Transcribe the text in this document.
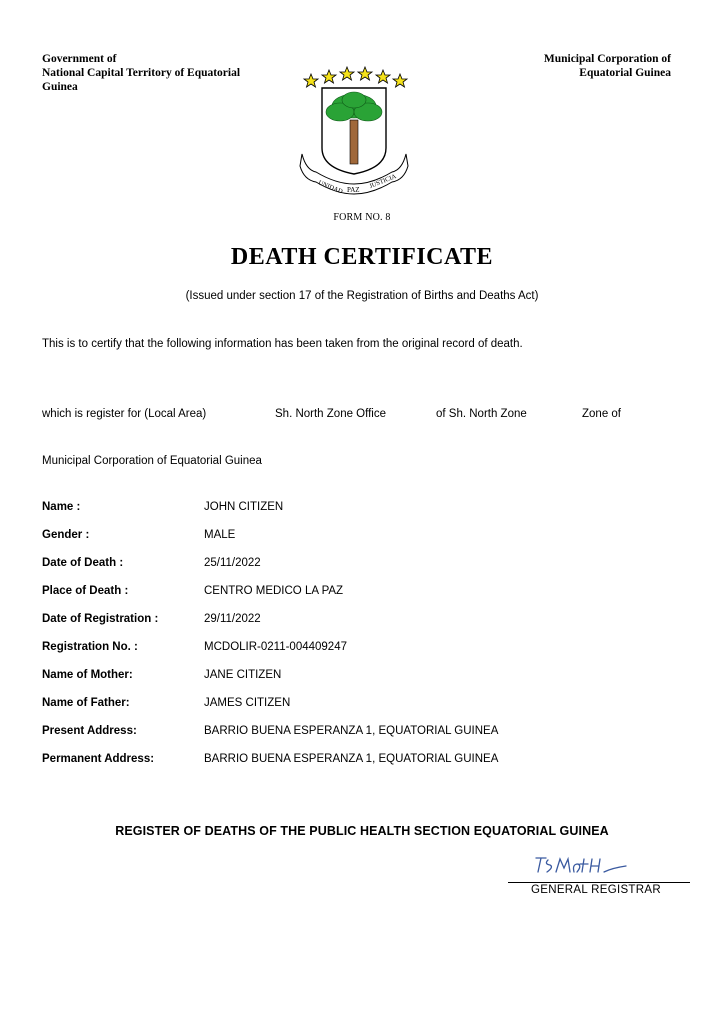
Government of
National Capital Territory of Equatorial
Guinea
Municipal Corporation of
Equatorial Guinea
UNIDAD PAZ JUSTICIA
FORM NO. 8
DEATH CERTIFICATE
(Issued under section 17 of the Registration of Births and Deaths Act)
This is to certify that the following information has been taken from the original record of death.
which is register for (Local Area)	Sh. North Zone Office	of Sh. North Zone	Zone of
Municipal Corporation of Equatorial Guinea
Name :	JOHN CITIZEN
Gender :	MALE
Date of Death :	25/11/2022
Place of Death :	CENTRO MEDICO LA PAZ
Date of Registration :	29/11/2022
Registration No. :	MCDOLIR-0211-004409247
Name of Mother:	JANE CITIZEN
Name of Father:	JAMES CITIZEN
Present Address:	BARRIO BUENA ESPERANZA 1, EQUATORIAL GUINEA
Permanent Address:	BARRIO BUENA ESPERANZA 1, EQUATORIAL GUINEA
REGISTER OF DEATHS OF THE PUBLIC HEALTH SECTION EQUATORIAL GUINEA
GENERAL REGISTRAR
